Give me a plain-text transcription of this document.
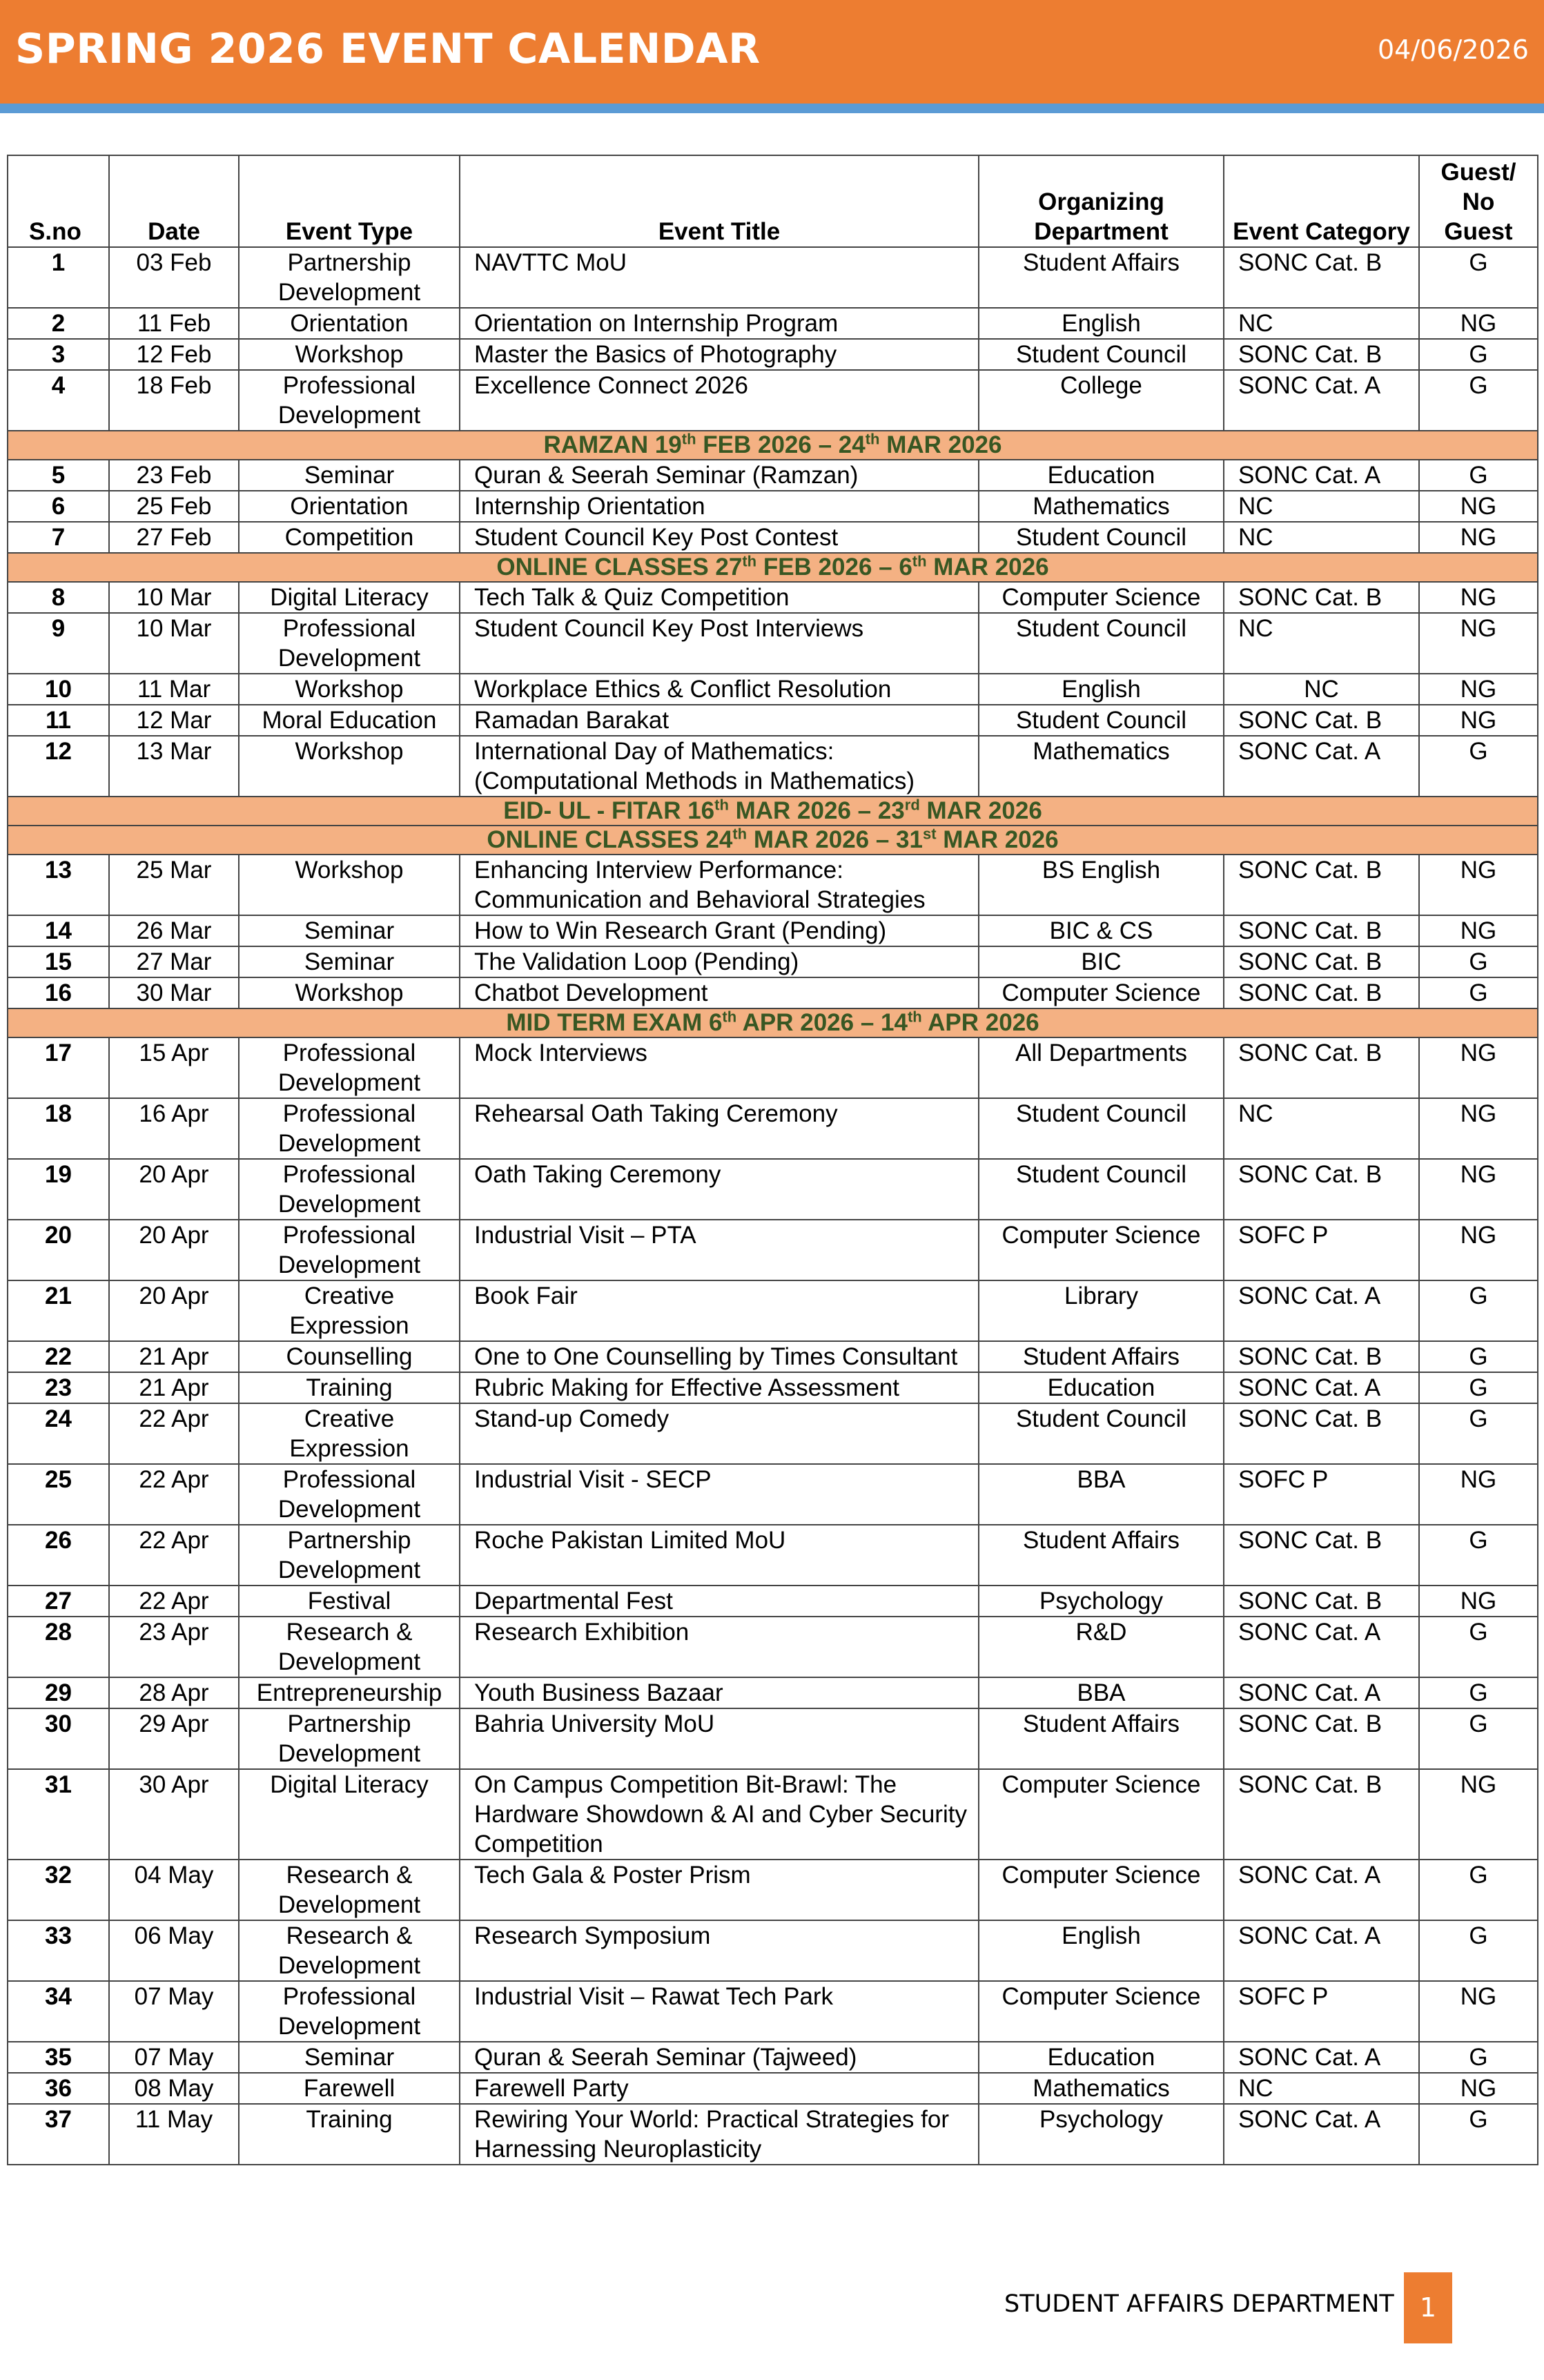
SPRING 2026 EVENT CALENDAR	04/06/2026
S.no	Date	Event Type	Event Title	Organizing Department	Event Category	Guest/ No Guest
1	03 Feb	Partnership Development	NAVTTC MoU	Student Affairs	SONC Cat. B	G
2	11 Feb	Orientation	Orientation on Internship Program	English	NC	NG
3	12 Feb	Workshop	Master the Basics of Photography	Student Council	SONC Cat. B	G
4	18 Feb	Professional Development	Excellence Connect 2026	College	SONC Cat. A	G
RAMZAN 19th FEB 2026 – 24th MAR 2026						
5	23 Feb	Seminar	Quran & Seerah Seminar (Ramzan)	Education	SONC Cat. A	G
6	25 Feb	Orientation	Internship Orientation	Mathematics	NC	NG
7	27 Feb	Competition	Student Council Key Post Contest	Student Council	NC	NG
ONLINE CLASSES 27th FEB 2026 – 6th MAR 2026						
8	10 Mar	Digital Literacy	Tech Talk & Quiz Competition	Computer Science	SONC Cat. B	NG
9	10 Mar	Professional Development	Student Council Key Post Interviews	Student Council	NC	NG
10	11 Mar	Workshop	Workplace Ethics & Conflict Resolution	English	NC	NG
11	12 Mar	Moral Education	Ramadan Barakat	Student Council	SONC Cat. B	NG
12	13 Mar	Workshop	International Day of Mathematics: (Computational Methods in Mathematics)	Mathematics	SONC Cat. A	G
EID- UL - FITAR 16th MAR 2026 – 23rd MAR 2026						
ONLINE CLASSES 24th MAR 2026 – 31st MAR 2026						
13	25 Mar	Workshop	Enhancing Interview Performance: Communication and Behavioral Strategies	BS English	SONC Cat. B	NG
14	26 Mar	Seminar	How to Win Research Grant (Pending)	BIC & CS	SONC Cat. B	NG
15	27 Mar	Seminar	The Validation Loop (Pending)	BIC	SONC Cat. B	G
16	30 Mar	Workshop	Chatbot Development	Computer Science	SONC Cat. B	G
MID TERM EXAM 6th APR 2026 – 14th APR 2026						
17	15 Apr	Professional Development	Mock Interviews	All Departments	SONC Cat. B	NG
18	16 Apr	Professional Development	Rehearsal Oath Taking Ceremony	Student Council	NC	NG
19	20 Apr	Professional Development	Oath Taking Ceremony	Student Council	SONC Cat. B	NG
20	20 Apr	Professional Development	Industrial Visit – PTA	Computer Science	SOFC P	NG
21	20 Apr	Creative Expression	Book Fair	Library	SONC Cat. A	G
22	21 Apr	Counselling	One to One Counselling by Times Consultant	Student Affairs	SONC Cat. B	G
23	21 Apr	Training	Rubric Making for Effective Assessment	Education	SONC Cat. A	G
24	22 Apr	Creative Expression	Stand-up Comedy	Student Council	SONC Cat. B	G
25	22 Apr	Professional Development	Industrial Visit - SECP	BBA	SOFC P	NG
26	22 Apr	Partnership Development	Roche Pakistan Limited MoU	Student Affairs	SONC Cat. B	G
27	22 Apr	Festival	Departmental Fest	Psychology	SONC Cat. B	NG
28	23 Apr	Research & Development	Research Exhibition	R&D	SONC Cat. A	G
29	28 Apr	Entrepreneurship	Youth Business Bazaar	BBA	SONC Cat. A	G
30	29 Apr	Partnership Development	Bahria University MoU	Student Affairs	SONC Cat. B	G
31	30 Apr	Digital Literacy	On Campus Competition Bit-Brawl: The Hardware Showdown & AI and Cyber Security Competition	Computer Science	SONC Cat. B	NG
32	04 May	Research & Development	Tech Gala & Poster Prism	Computer Science	SONC Cat. A	G
33	06 May	Research & Development	Research Symposium	English	SONC Cat. A	G
34	07 May	Professional Development	Industrial Visit – Rawat Tech Park	Computer Science	SOFC P	NG
35	07 May	Seminar	Quran & Seerah Seminar (Tajweed)	Education	SONC Cat. A	G
36	08 May	Farewell	Farewell Party	Mathematics	NC	NG
37	11 May	Training	Rewiring Your World: Practical Strategies for Harnessing Neuroplasticity	Psychology	SONC Cat. A	G
STUDENT AFFAIRS DEPARTMENT 1
